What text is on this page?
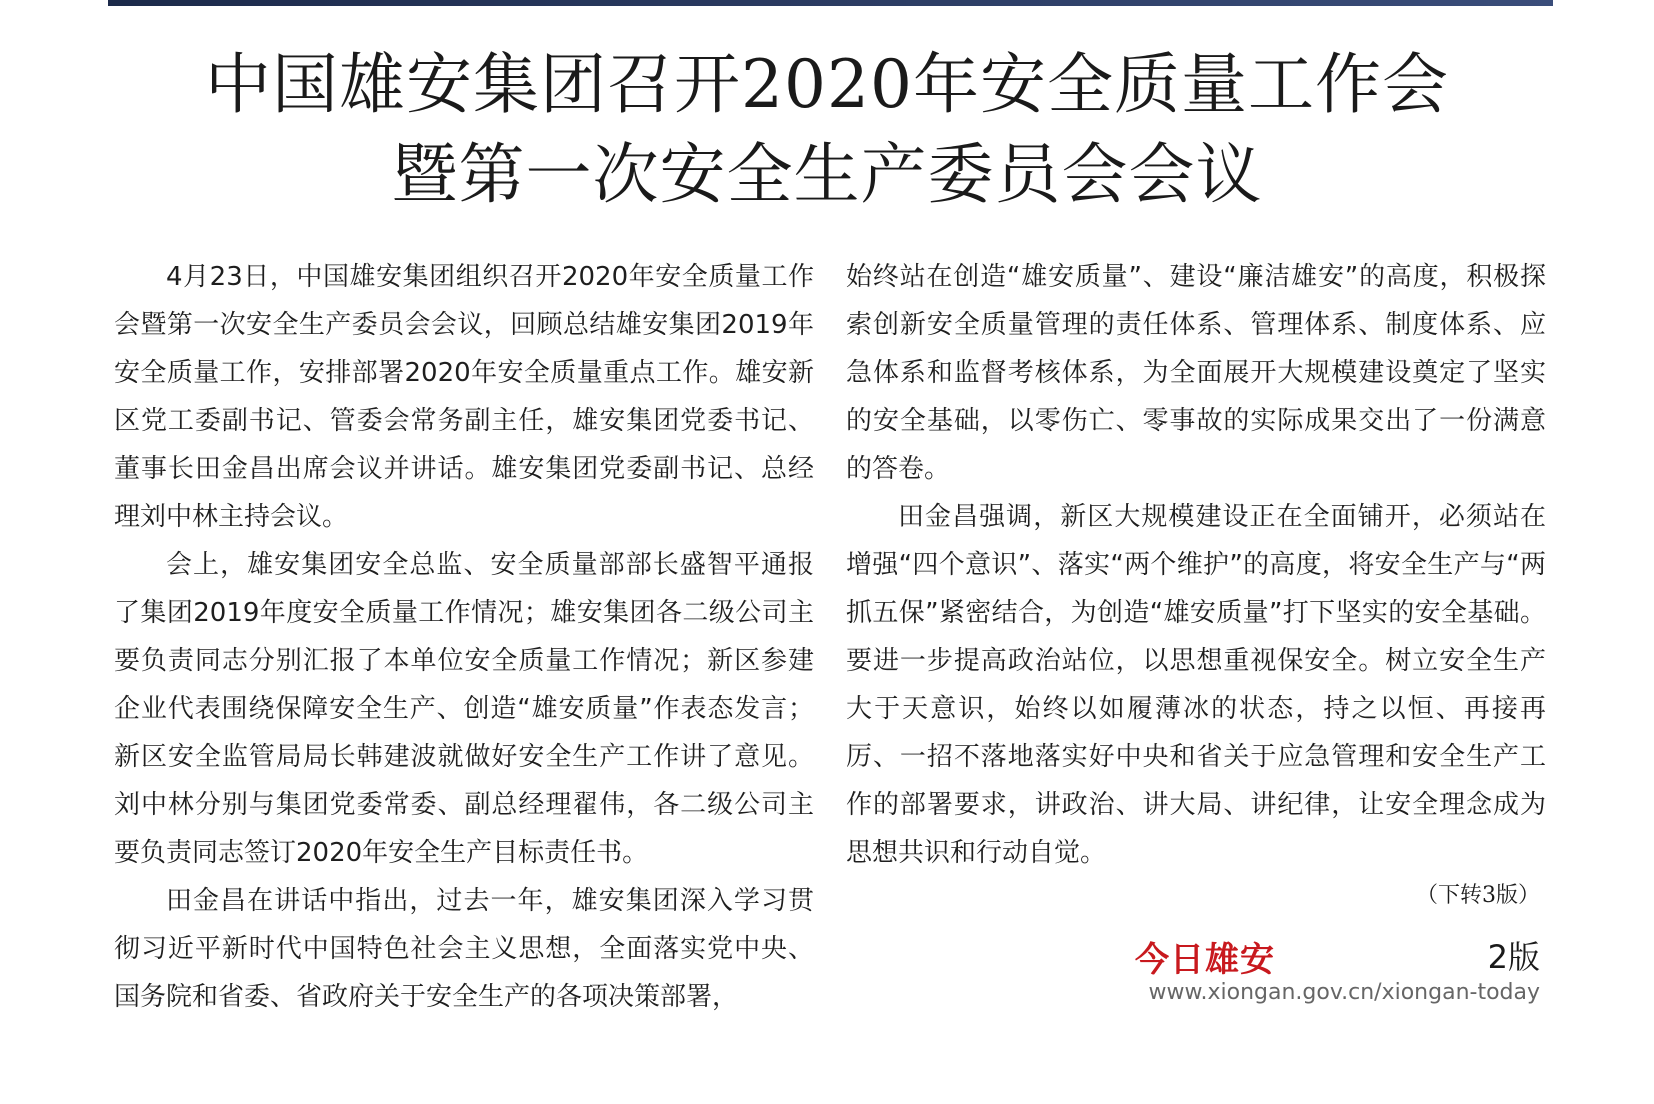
中国雄安集团召开2020年安全质量工作会
暨第一次安全生产委员会会议

4月23日，中国雄安集团组织召开2020年安全质量工作会暨第一次安全生产委员会会议，回顾总结雄安集团2019年安全质量工作，安排部署2020年安全质量重点工作。雄安新区党工委副书记、管委会常务副主任，雄安集团党委书记、董事长田金昌出席会议并讲话。雄安集团党委副书记、总经理刘中林主持会议。

会上，雄安集团安全总监、安全质量部部长盛智平通报了集团2019年度安全质量工作情况；雄安集团各二级公司主要负责同志分别汇报了本单位安全质量工作情况；新区参建企业代表围绕保障安全生产、创造“雄安质量”作表态发言；新区安全监管局局长韩建波就做好安全生产工作讲了意见。刘中林分别与集团党委常委、副总经理翟伟，各二级公司主要负责同志签订2020年安全生产目标责任书。

田金昌在讲话中指出，过去一年，雄安集团深入学习贯彻习近平新时代中国特色社会主义思想，全面落实党中央、国务院和省委、省政府关于安全生产的各项决策部署，

始终站在创造“雄安质量”、建设“廉洁雄安”的高度，积极探索创新安全质量管理的责任体系、管理体系、制度体系、应急体系和监督考核体系，为全面展开大规模建设奠定了坚实的安全基础，以零伤亡、零事故的实际成果交出了一份满意的答卷。

田金昌强调，新区大规模建设正在全面铺开，必须站在增强“四个意识”、落实“两个维护”的高度，将安全生产与“两抓五保”紧密结合，为创造“雄安质量”打下坚实的安全基础。要进一步提高政治站位，以思想重视保安全。树立安全生产大于天意识，始终以如履薄冰的状态，持之以恒、再接再厉、一招不落地落实好中央和省关于应急管理和安全生产工作的部署要求，讲政治、讲大局、讲纪律，让安全理念成为思想共识和行动自觉。

（下转3版）
今日雄安	2版
www.xiongan.gov.cn/xiongan-today
